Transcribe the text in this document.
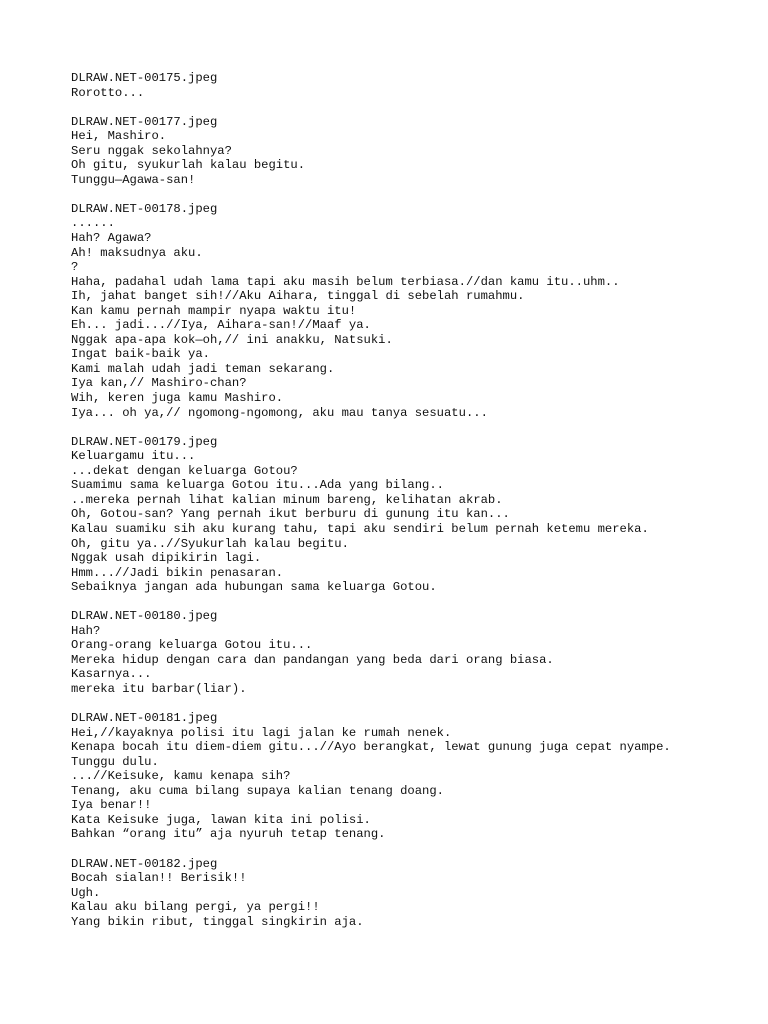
DLRAW.NET-00175.jpeg
Rorotto...
DLRAW.NET-00177.jpeg
Hei, Mashiro.
Seru nggak sekolahnya?
Oh gitu, syukurlah kalau begitu.
Tunggu—Agawa-san!
DLRAW.NET-00178.jpeg
......
Hah? Agawa?
Ah! maksudnya aku.
?
Haha, padahal udah lama tapi aku masih belum terbiasa.//dan kamu itu..uhm..
Ih, jahat banget sih!//Aku Aihara, tinggal di sebelah rumahmu.
Kan kamu pernah mampir nyapa waktu itu!
Eh... jadi...//Iya, Aihara-san!//Maaf ya.
Nggak apa-apa kok—oh,// ini anakku, Natsuki.
Ingat baik-baik ya.
Kami malah udah jadi teman sekarang.
Iya kan,// Mashiro-chan?
Wih, keren juga kamu Mashiro.
Iya... oh ya,// ngomong-ngomong, aku mau tanya sesuatu...
DLRAW.NET-00179.jpeg
Keluargamu itu...
...dekat dengan keluarga Gotou?
Suamimu sama keluarga Gotou itu...Ada yang bilang..
..mereka pernah lihat kalian minum bareng, kelihatan akrab.
Oh, Gotou-san? Yang pernah ikut berburu di gunung itu kan...
Kalau suamiku sih aku kurang tahu, tapi aku sendiri belum pernah ketemu mereka.
Oh, gitu ya..//Syukurlah kalau begitu.
Nggak usah dipikirin lagi.
Hmm...//Jadi bikin penasaran.
Sebaiknya jangan ada hubungan sama keluarga Gotou.
DLRAW.NET-00180.jpeg
Hah?
Orang-orang keluarga Gotou itu...
Mereka hidup dengan cara dan pandangan yang beda dari orang biasa.
Kasarnya...
mereka itu barbar(liar).
DLRAW.NET-00181.jpeg
Hei,//kayaknya polisi itu lagi jalan ke rumah nenek.
Kenapa bocah itu diem-diem gitu...//Ayo berangkat, lewat gunung juga cepat nyampe.
Tunggu dulu.
...//Keisuke, kamu kenapa sih?
Tenang, aku cuma bilang supaya kalian tenang doang.
Iya benar!!
Kata Keisuke juga, lawan kita ini polisi.
Bahkan “orang itu” aja nyuruh tetap tenang.
DLRAW.NET-00182.jpeg
Bocah sialan!! Berisik!!
Ugh.
Kalau aku bilang pergi, ya pergi!!
Yang bikin ribut, tinggal singkirin aja.
